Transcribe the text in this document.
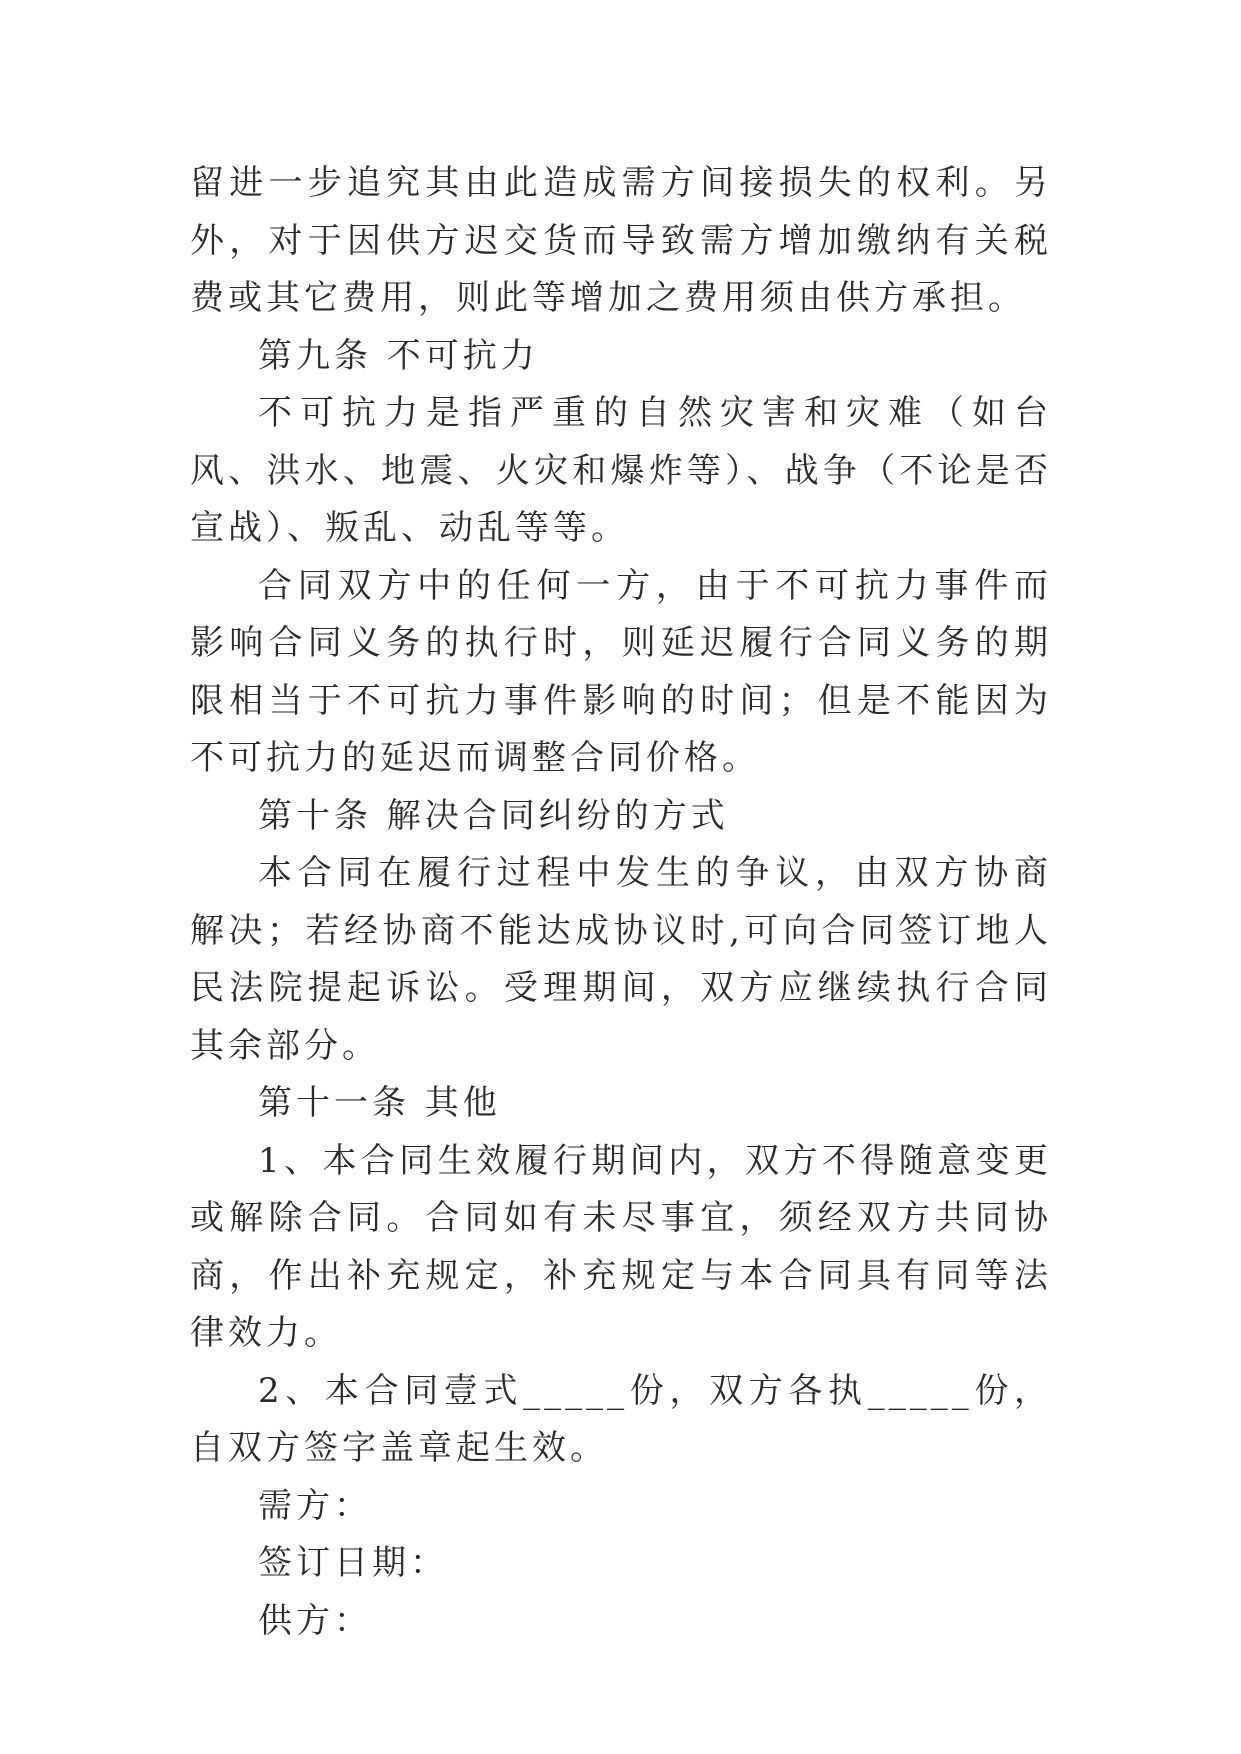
留进一步追究其由此造成需方间接损失的权利。另外，对于因供方迟交货而导致需方增加缴纳有关税费或其它费用，则此等增加之费用须由供方承担。

第九条 不可抗力

不可抗力是指严重的自然灾害和灾难（如台风、洪水、地震、火灾和爆炸等）、战争（不论是否宣战）、叛乱、动乱等等。

合同双方中的任何一方，由于不可抗力事件而影响合同义务的执行时，则延迟履行合同义务的期限相当于不可抗力事件影响的时间；但是不能因为不可抗力的延迟而调整合同价格。

第十条 解决合同纠纷的方式

本合同在履行过程中发生的争议，由双方协商解决；若经协商不能达成协议时,可向合同签订地人民法院提起诉讼。受理期间，双方应继续执行合同其余部分。

第十一条 其他

1、本合同生效履行期间内，双方不得随意变更或解除合同。合同如有未尽事宜，须经双方共同协商，作出补充规定，补充规定与本合同具有同等法律效力。

2、本合同壹式_____份，双方各执_____份，自双方签字盖章起生效。

需方：

签订日期：

供方：
